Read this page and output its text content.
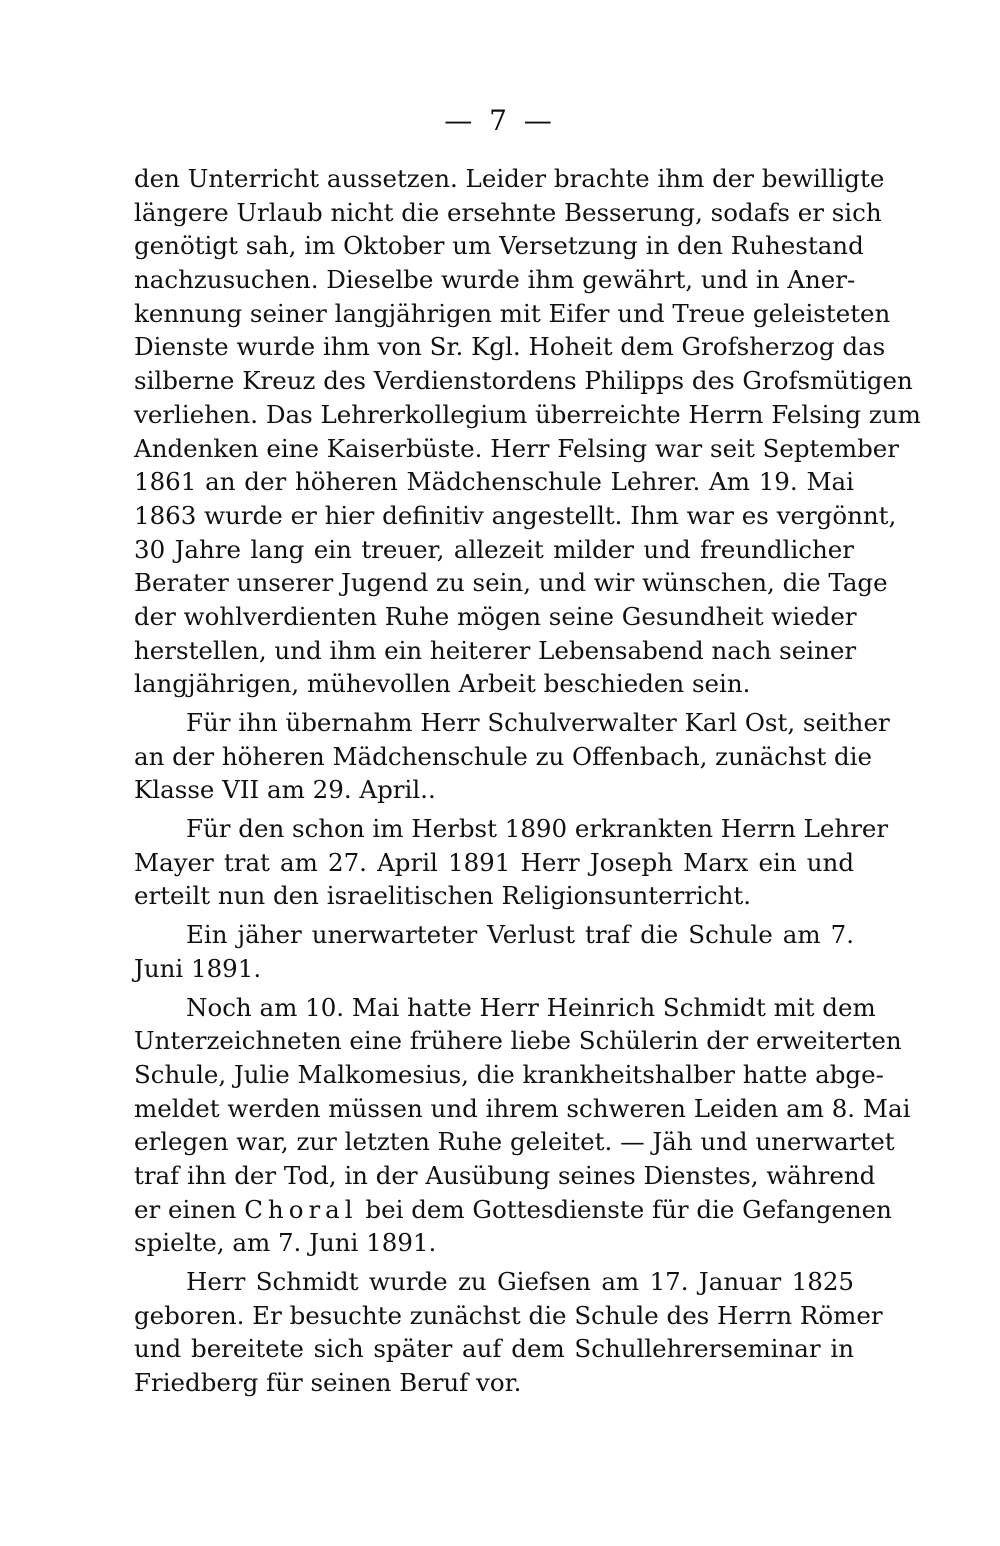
— 7 —
den Unterricht aussetzen. Leider brachte ihm der bewilligte
längere Urlaub nicht die ersehnte Besserung, sodafs er sich
genötigt sah, im Oktober um Versetzung in den Ruhestand
nachzusuchen. Dieselbe wurde ihm gewährt, und in Aner-
kennung seiner langjährigen mit Eifer und Treue geleisteten
Dienste wurde ihm von Sr. Kgl. Hoheit dem Grofsherzog das
silberne Kreuz des Verdienstordens Philipps des Grofsmütigen
verliehen. Das Lehrerkollegium überreichte Herrn Felsing zum
Andenken eine Kaiserbüste. Herr Felsing war seit September
1861 an der höheren Mädchenschule Lehrer. Am 19. Mai
1863 wurde er hier definitiv angestellt. Ihm war es vergönnt,
30 Jahre lang ein treuer, allezeit milder und freundlicher
Berater unserer Jugend zu sein, und wir wünschen, die Tage
der wohlverdienten Ruhe mögen seine Gesundheit wieder
herstellen, und ihm ein heiterer Lebensabend nach seiner
langjährigen, mühevollen Arbeit beschieden sein.
Für ihn übernahm Herr Schulverwalter Karl Ost, seither
an der höheren Mädchenschule zu Offenbach, zunächst die
Klasse VII am 29. April..
Für den schon im Herbst 1890 erkrankten Herrn Lehrer
Mayer trat am 27. April 1891 Herr Joseph Marx ein und
erteilt nun den israelitischen Religionsunterricht.
Ein jäher unerwarteter Verlust traf die Schule am 7.
Juni 1891.
Noch am 10. Mai hatte Herr Heinrich Schmidt mit dem
Unterzeichneten eine frühere liebe Schülerin der erweiterten
Schule, Julie Malkomesius, die krankheitshalber hatte abge-
meldet werden müssen und ihrem schweren Leiden am 8. Mai
erlegen war, zur letzten Ruhe geleitet. — Jäh und unerwartet
traf ihn der Tod, in der Ausübung seines Dienstes, während
er einen Choral bei dem Gottesdienste für die Gefangenen
spielte, am 7. Juni 1891.
Herr Schmidt wurde zu Giefsen am 17. Januar 1825
geboren. Er besuchte zunächst die Schule des Herrn Römer
und bereitete sich später auf dem Schullehrerseminar in
Friedberg für seinen Beruf vor.
